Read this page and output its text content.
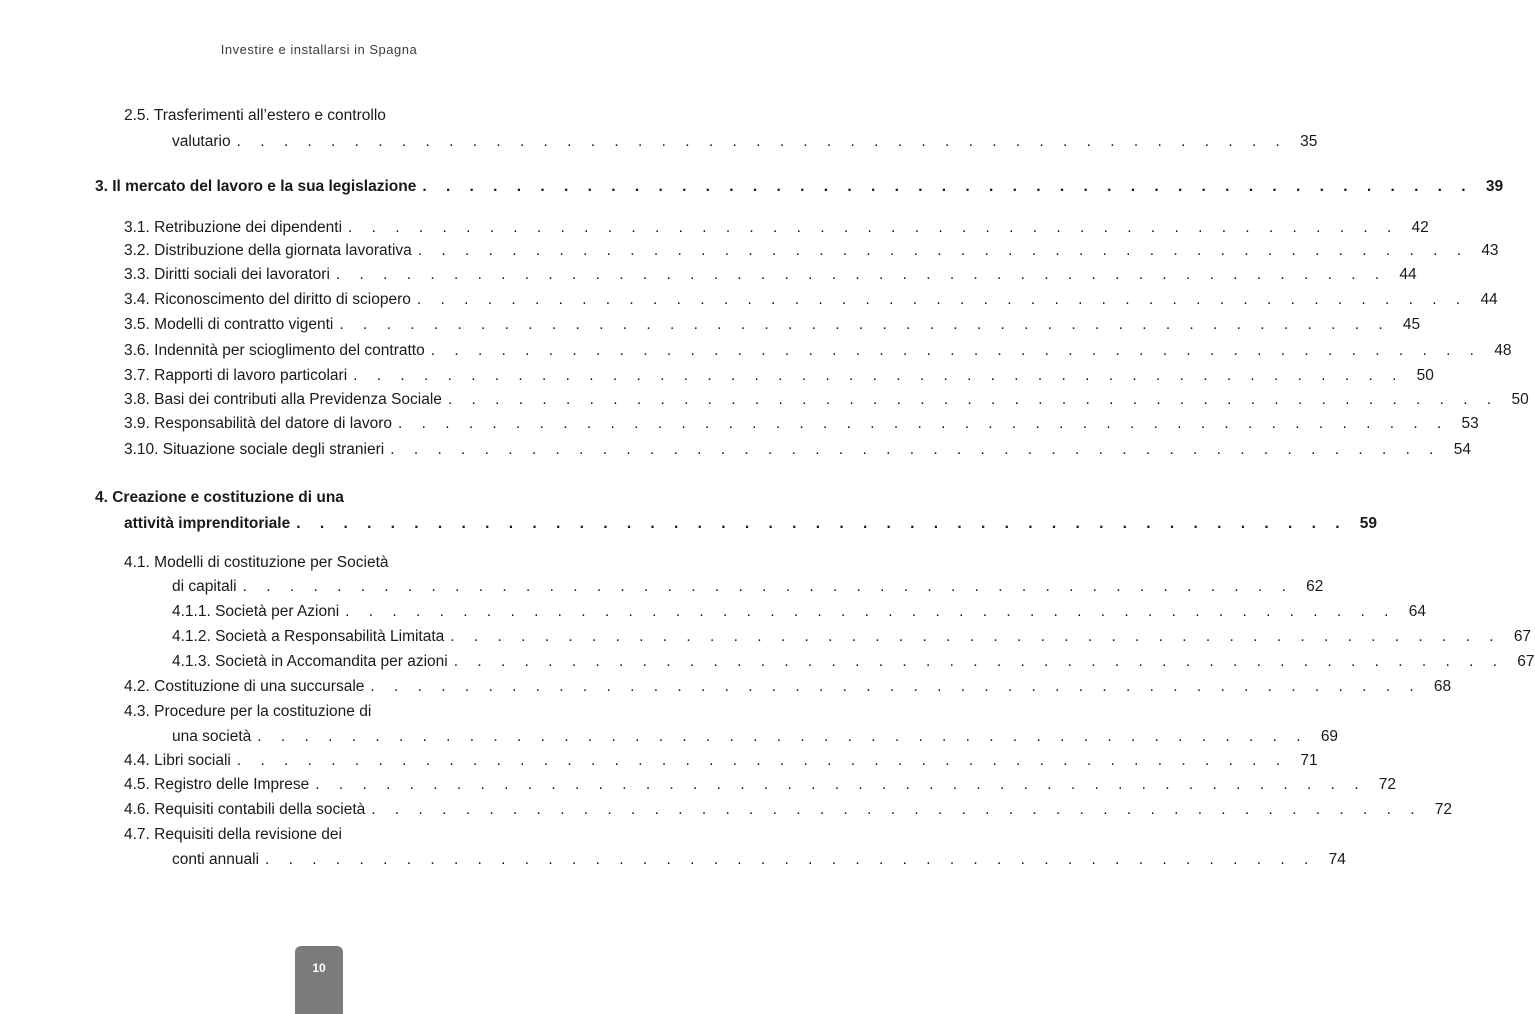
Investire e installarsi in Spagna
2.5. Trasferimenti all’estero e controllo
valutario . . . . . . . . . . . . . . . . . . . . . . . . . . . . . . . . . . . . . . . . . . . . . 35
3. Il mercato del lavoro e la sua legislazione . . . . . . . . . . . . . . . . . . . . . . . . . . . . . . . . . . . . . . . . . . . . . 39
3.1. Retribuzione dei dipendenti . . . . . . . . . . . . . . . . . . . . . . . . . . . . . . . . . . . . . . . . . . . . . 42
3.2. Distribuzione della giornata lavorativa . . . . . . . . . . . . . . . . . . . . . . . . . . . . . . . . . . . . . . . . . . . . . 43
3.3. Diritti sociali dei lavoratori . . . . . . . . . . . . . . . . . . . . . . . . . . . . . . . . . . . . . . . . . . . . . 44
3.4. Riconoscimento del diritto di sciopero . . . . . . . . . . . . . . . . . . . . . . . . . . . . . . . . . . . . . . . . . . . . . 44
3.5. Modelli di contratto vigenti . . . . . . . . . . . . . . . . . . . . . . . . . . . . . . . . . . . . . . . . . . . . . 45
3.6. Indennità per scioglimento del contratto . . . . . . . . . . . . . . . . . . . . . . . . . . . . . . . . . . . . . . . . . . . . . 48
3.7. Rapporti di lavoro particolari . . . . . . . . . . . . . . . . . . . . . . . . . . . . . . . . . . . . . . . . . . . . . 50
3.8. Basi dei contributi alla Previdenza Sociale . . . . . . . . . . . . . . . . . . . . . . . . . . . . . . . . . . . . . . . . . . . . . 50
3.9. Responsabilità del datore di lavoro . . . . . . . . . . . . . . . . . . . . . . . . . . . . . . . . . . . . . . . . . . . . . 53
3.10. Situazione sociale degli stranieri . . . . . . . . . . . . . . . . . . . . . . . . . . . . . . . . . . . . . . . . . . . . . 54
4. Creazione e costituzione di una
attività imprenditoriale . . . . . . . . . . . . . . . . . . . . . . . . . . . . . . . . . . . . . . . . . . . . . 59
4.1. Modelli di costituzione per Società
di capitali . . . . . . . . . . . . . . . . . . . . . . . . . . . . . . . . . . . . . . . . . . . . . 62
4.1.1. Società per Azioni . . . . . . . . . . . . . . . . . . . . . . . . . . . . . . . . . . . . . . . . . . . . . 64
4.1.2. Società a Responsabilità Limitata . . . . . . . . . . . . . . . . . . . . . . . . . . . . . . . . . . . . . . . . . . . . . 67
4.1.3. Società in Accomandita per azioni . . . . . . . . . . . . . . . . . . . . . . . . . . . . . . . . . . . . . . . . . . . . . 67
4.2. Costituzione di una succursale . . . . . . . . . . . . . . . . . . . . . . . . . . . . . . . . . . . . . . . . . . . . . 68
4.3. Procedure per la costituzione di
una società . . . . . . . . . . . . . . . . . . . . . . . . . . . . . . . . . . . . . . . . . . . . . 69
4.4. Libri sociali . . . . . . . . . . . . . . . . . . . . . . . . . . . . . . . . . . . . . . . . . . . . . 71
4.5. Registro delle Imprese . . . . . . . . . . . . . . . . . . . . . . . . . . . . . . . . . . . . . . . . . . . . . 72
4.6. Requisiti contabili della società . . . . . . . . . . . . . . . . . . . . . . . . . . . . . . . . . . . . . . . . . . . . . 72
4.7. Requisiti della revisione dei
conti annuali . . . . . . . . . . . . . . . . . . . . . . . . . . . . . . . . . . . . . . . . . . . . . 74
10
